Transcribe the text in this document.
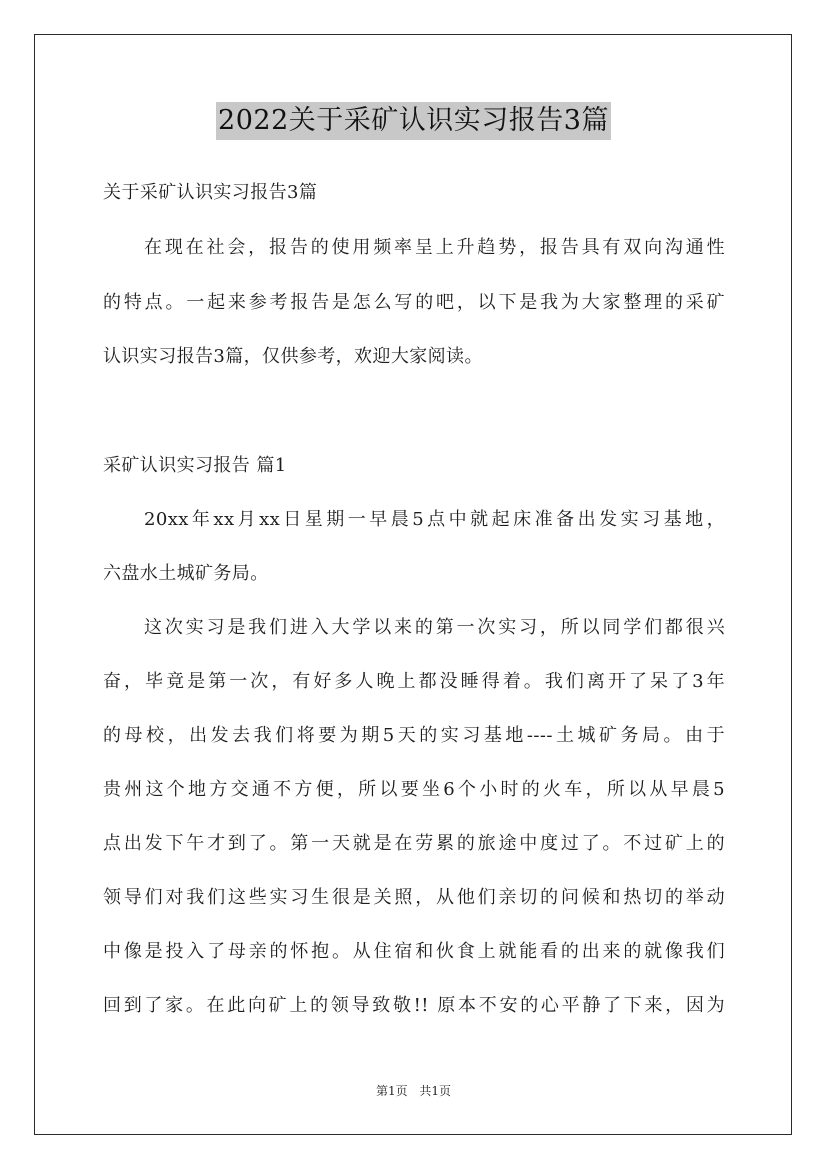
2022关于采矿认识实习报告3篇
关于采矿认识实习报告3篇
在现在社会，报告的使用频率呈上升趋势，报告具有双向沟通性
的特点。一起来参考报告是怎么写的吧，以下是我为大家整理的采矿
认识实习报告3篇，仅供参考，欢迎大家阅读。
采矿认识实习报告 篇1
20xx年xx月xx日星期一早晨5点中就起床准备出发实习基地，
六盘水土城矿务局。
这次实习是我们进入大学以来的第一次实习，所以同学们都很兴
奋，毕竟是第一次，有好多人晚上都没睡得着。我们离开了呆了3年
的母校，出发去我们将要为期5天的实习基地----土城矿务局。由于
贵州这个地方交通不方便，所以要坐6个小时的火车，所以从早晨5
点出发下午才到了。第一天就是在劳累的旅途中度过了。不过矿上的
领导们对我们这些实习生很是关照，从他们亲切的问候和热切的举动
中像是投入了母亲的怀抱。从住宿和伙食上就能看的出来的就像我们
回到了家。在此向矿上的领导致敬!! 原本不安的心平静了下来，因为
第1页 共1页
